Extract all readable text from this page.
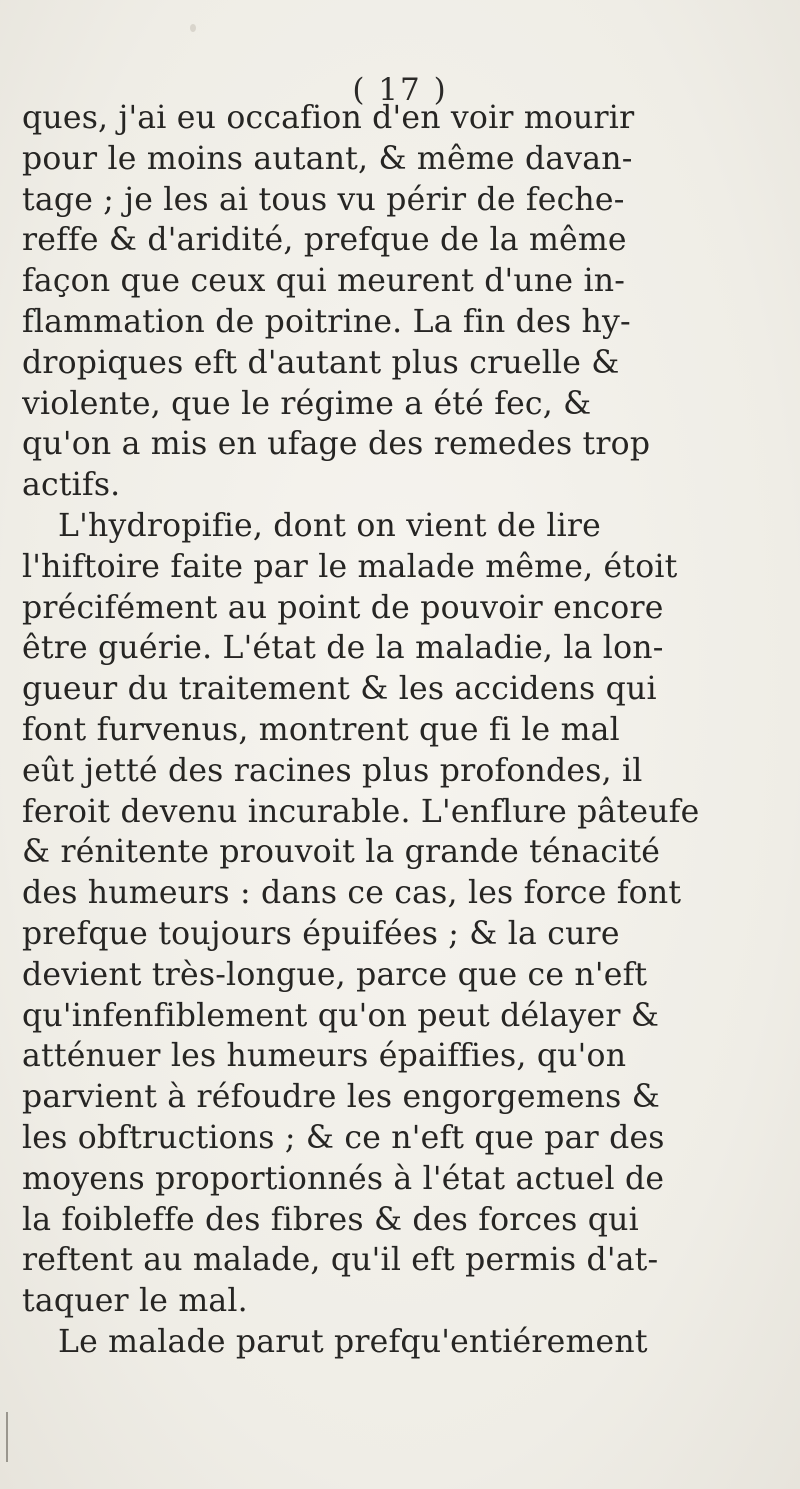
( 17 )
ques, j'ai eu occafion d'en voir mourir
pour le moins autant, & même davan-
tage ; je les ai tous vu périr de feche-
reffe & d'aridité, prefque de la même
façon que ceux qui meurent d'une in-
flammation de poitrine. La fin des hy-
dropiques eft d'autant plus cruelle &
violente, que le régime a été fec, &
qu'on a mis en ufage des remedes trop
actifs.
L'hydropifie, dont on vient de lire
l'hiftoire faite par le malade même, étoit
précifément au point de pouvoir encore
être guérie. L'état de la maladie, la lon-
gueur du traitement & les accidens qui
font furvenus, montrent que fi le mal
eût jetté des racines plus profondes, il
feroit devenu incurable. L'enflure pâteufe
& rénitente prouvoit la grande ténacité
des humeurs : dans ce cas, les force font
prefque toujours épuifées ; & la cure
devient très-longue, parce que ce n'eft
qu'infenfiblement qu'on peut délayer &
atténuer les humeurs épaiffies, qu'on
parvient à réfoudre les engorgemens &
les obftructions ; & ce n'eft que par des
moyens proportionnés à l'état actuel de
la foibleffe des fibres & des forces qui
reftent au malade, qu'il eft permis d'at-
taquer le mal.
Le malade parut prefqu'entiérement
